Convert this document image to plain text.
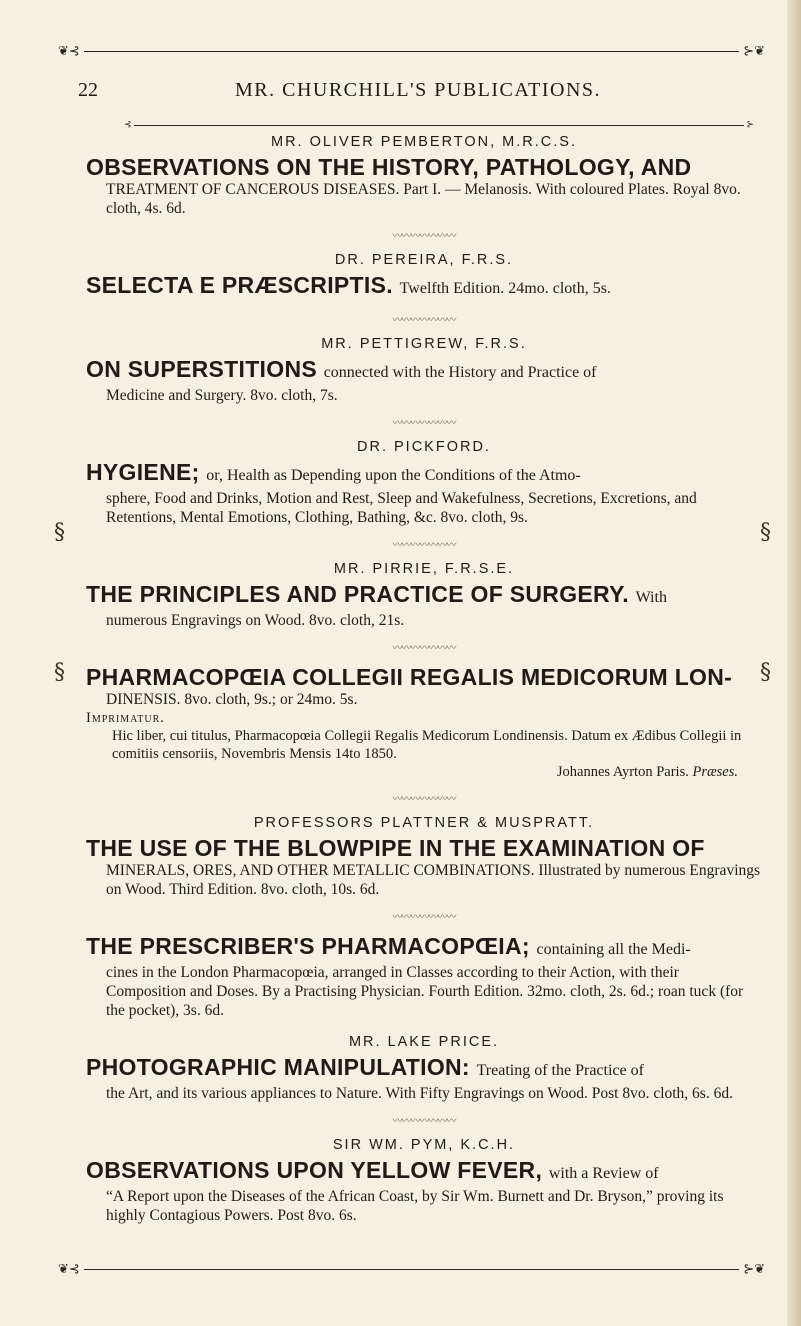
❦ ⊰	⊱ ❦
22	MR. CHURCHILL'S PUBLICATIONS.
⊰	⊱
MR. OLIVER PEMBERTON, M.R.C.S.
OBSERVATIONS ON THE HISTORY, PATHOLOGY, AND
TREATMENT OF CANCEROUS DISEASES. Part I. — Melanosis. With coloured Plates. Royal 8vo. cloth, 4s. 6d.
〰〰〰〰〰〰〰
DR. PEREIRA, F.R.S.
SELECTA E PRÆSCRIPTIS. Twelfth Edition. 24mo. cloth, 5s.
〰〰〰〰〰〰〰
MR. PETTIGREW, F.R.S.
ON SUPERSTITIONS connected with the History and Practice of
Medicine and Surgery. 8vo. cloth, 7s.
〰〰〰〰〰〰〰
DR. PICKFORD.
HYGIENE; or, Health as Depending upon the Conditions of the Atmo-
sphere, Food and Drinks, Motion and Rest, Sleep and Wakefulness, Secretions, Excretions, and Retentions, Mental Emotions, Clothing, Bathing, &c. 8vo. cloth, 9s.
〰〰〰〰〰〰〰
MR. PIRRIE, F.R.S.E.
THE PRINCIPLES AND PRACTICE OF SURGERY. With
numerous Engravings on Wood. 8vo. cloth, 21s.
〰〰〰〰〰〰〰
PHARMACOPŒIA COLLEGII REGALIS MEDICORUM LON-
DINENSIS. 8vo. cloth, 9s.; or 24mo. 5s.
Imprimatur.
Hic liber, cui titulus, Pharmacopœia Collegii Regalis Medicorum Londinensis. Datum ex Ædibus Collegii in comitiis censoriis, Novembris Mensis 14to 1850.
Johannes Ayrton Paris. Præses.
〰〰〰〰〰〰〰
PROFESSORS PLATTNER & MUSPRATT.
THE USE OF THE BLOWPIPE IN THE EXAMINATION OF
MINERALS, ORES, AND OTHER METALLIC COMBINATIONS. Illustrated by numerous Engravings on Wood. Third Edition. 8vo. cloth, 10s. 6d.
〰〰〰〰〰〰〰
THE PRESCRIBER'S PHARMACOPŒIA; containing all the Medi-
cines in the London Pharmacopœia, arranged in Classes according to their Action, with their Composition and Doses. By a Practising Physician. Fourth Edition. 32mo. cloth, 2s. 6d.; roan tuck (for the pocket), 3s. 6d.
MR. LAKE PRICE.
PHOTOGRAPHIC MANIPULATION: Treating of the Practice of
the Art, and its various appliances to Nature. With Fifty Engravings on Wood. Post 8vo. cloth, 6s. 6d.
〰〰〰〰〰〰〰
SIR WM. PYM, K.C.H.
OBSERVATIONS UPON YELLOW FEVER, with a Review of
“A Report upon the Diseases of the African Coast, by Sir Wm. Burnett and Dr. Bryson,” proving its highly Contagious Powers. Post 8vo. 6s.
§
§
§
§
❦ ⊰	⊱ ❦
